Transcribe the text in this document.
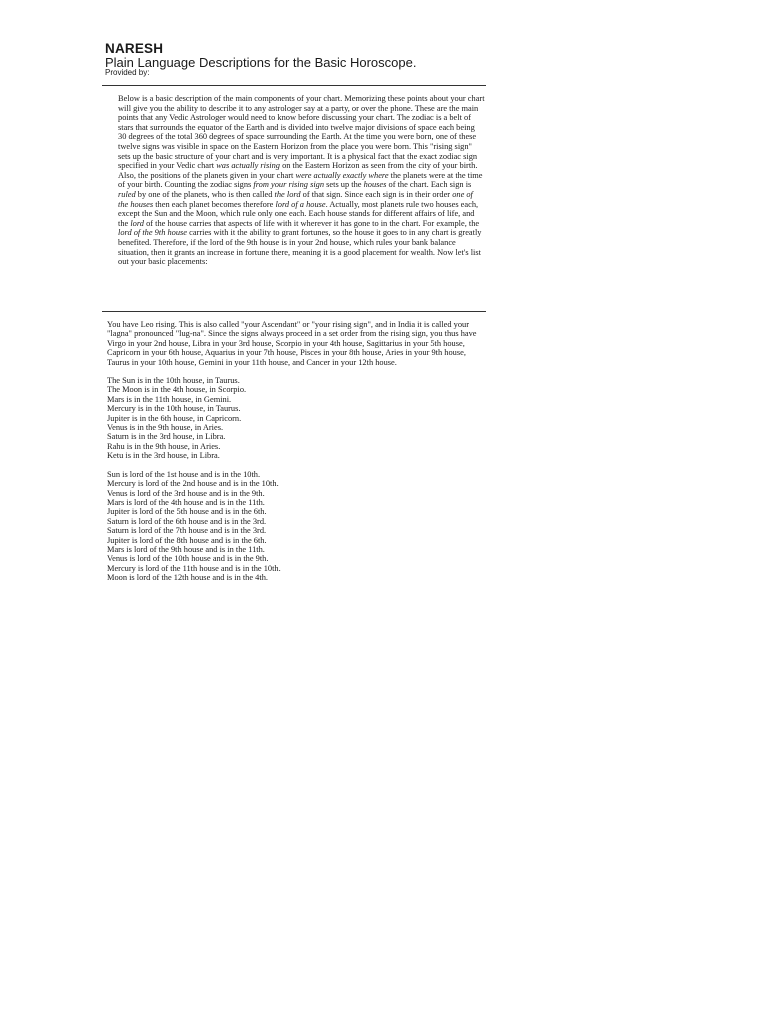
NARESH
Plain Language Descriptions for the Basic Horoscope.
Provided by:

Below is a basic description of the main components of your chart. Memorizing these points about your chart will give you the ability to describe it to any astrologer say at a party, or over the phone. These are the main points that any Vedic Astrologer would need to know before discussing your chart. The zodiac is a belt of stars that surrounds the equator of the Earth and is divided into twelve major divisions of space each being 30 degrees of the total 360 degrees of space surrounding the Earth. At the time you were born, one of these twelve signs was visible in space on the Eastern Horizon from the place you were born. This "rising sign" sets up the basic structure of your chart and is very important. It is a physical fact that the exact zodiac sign specified in your Vedic chart was actually rising on the Eastern Horizon as seen from the city of your birth. Also, the positions of the planets given in your chart were actually exactly where the planets were at the time of your birth. Counting the zodiac signs from your rising sign sets up the houses of the chart. Each sign is ruled by one of the planets, who is then called the lord of that sign. Since each sign is in their order one of the houses then each planet becomes therefore lord of a house. Actually, most planets rule two houses each, except the Sun and the Moon, which rule only one each. Each house stands for different affairs of life, and the lord of the house carries that aspects of life with it wherever it has gone to in the chart. For example, the lord of the 9th house carries with it the ability to grant fortunes, so the house it goes to in any chart is greatly benefited. Therefore, if the lord of the 9th house is in your 2nd house, which rules your bank balance situation, then it grants an increase in fortune there, meaning it is a good placement for wealth. Now let's list out your basic placements:

You have Leo rising. This is also called "your Ascendant" or "your rising sign", and in India it is called your "lagna" pronounced "lug-na". Since the signs always proceed in a set order from the rising sign, you thus have Virgo in your 2nd house, Libra in your 3rd house, Scorpio in your 4th house, Sagittarius in your 5th house, Capricorn in your 6th house, Aquarius in your 7th house, Pisces in your 8th house, Aries in your 9th house, Taurus in your 10th house, Gemini in your 11th house, and Cancer in your 12th house.

The Sun is in the 10th house, in Taurus.
The Moon is in the 4th house, in Scorpio.
Mars is in the 11th house, in Gemini.
Mercury is in the 10th house, in Taurus.
Jupiter is in the 6th house, in Capricorn.
Venus is in the 9th house, in Aries.
Saturn is in the 3rd house, in Libra.
Rahu is in the 9th house, in Aries.
Ketu is in the 3rd house, in Libra.
Sun is lord of the 1st house and is in the 10th.
Mercury is lord of the 2nd house and is in the 10th.
Venus is lord of the 3rd house and is in the 9th.
Mars is lord of the 4th house and is in the 11th.
Jupiter is lord of the 5th house and is in the 6th.
Saturn is lord of the 6th house and is in the 3rd.
Saturn is lord of the 7th house and is in the 3rd.
Jupiter is lord of the 8th house and is in the 6th.
Mars is lord of the 9th house and is in the 11th.
Venus is lord of the 10th house and is in the 9th.
Mercury is lord of the 11th house and is in the 10th.
Moon is lord of the 12th house and is in the 4th.
